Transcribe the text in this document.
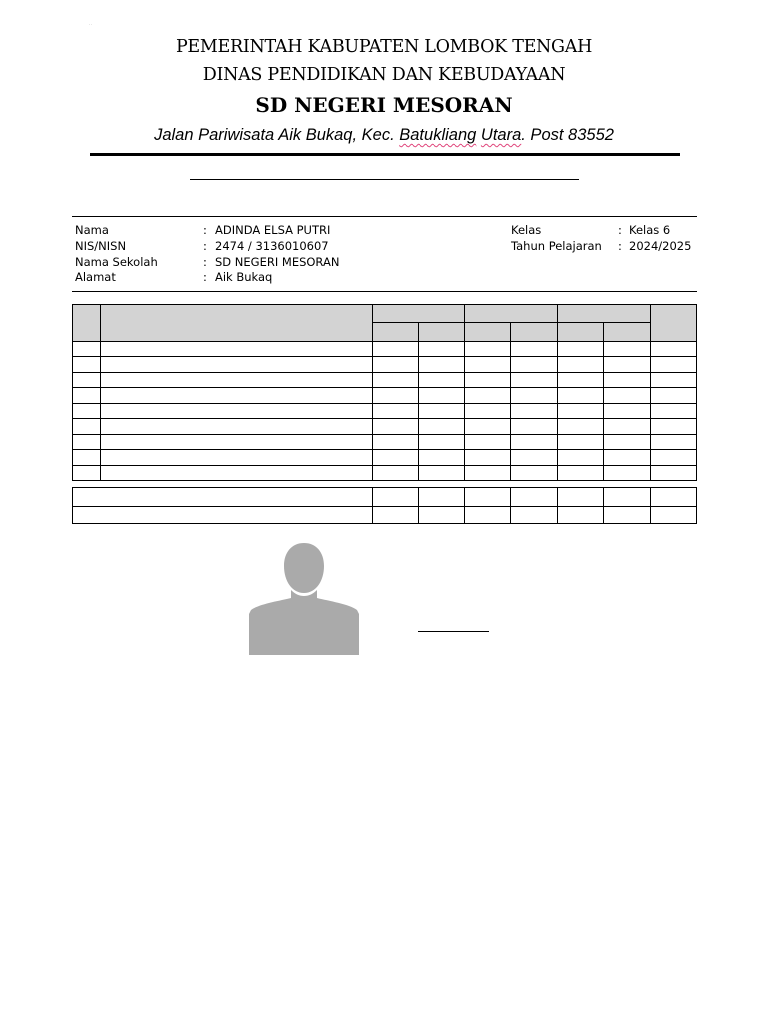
˙˙
PEMERINTAH KABUPATEN LOMBOK TENGAH
DINAS PENDIDIKAN DAN KEBUDAYAAN
SD NEGERI MESORAN
Jalan Pariwisata Aik Bukaq, Kec. Batukliang Utara. Post 83552
Nama	: ADINDA ELSA PUTRI
NIS/NISN	: 2474 / 3136010607
Nama Sekolah	: SD NEGERI MESORAN
Alamat	: Aik Bukaq
Kelas	: Kelas 6
Tahun Pelajaran : 2024/2025
